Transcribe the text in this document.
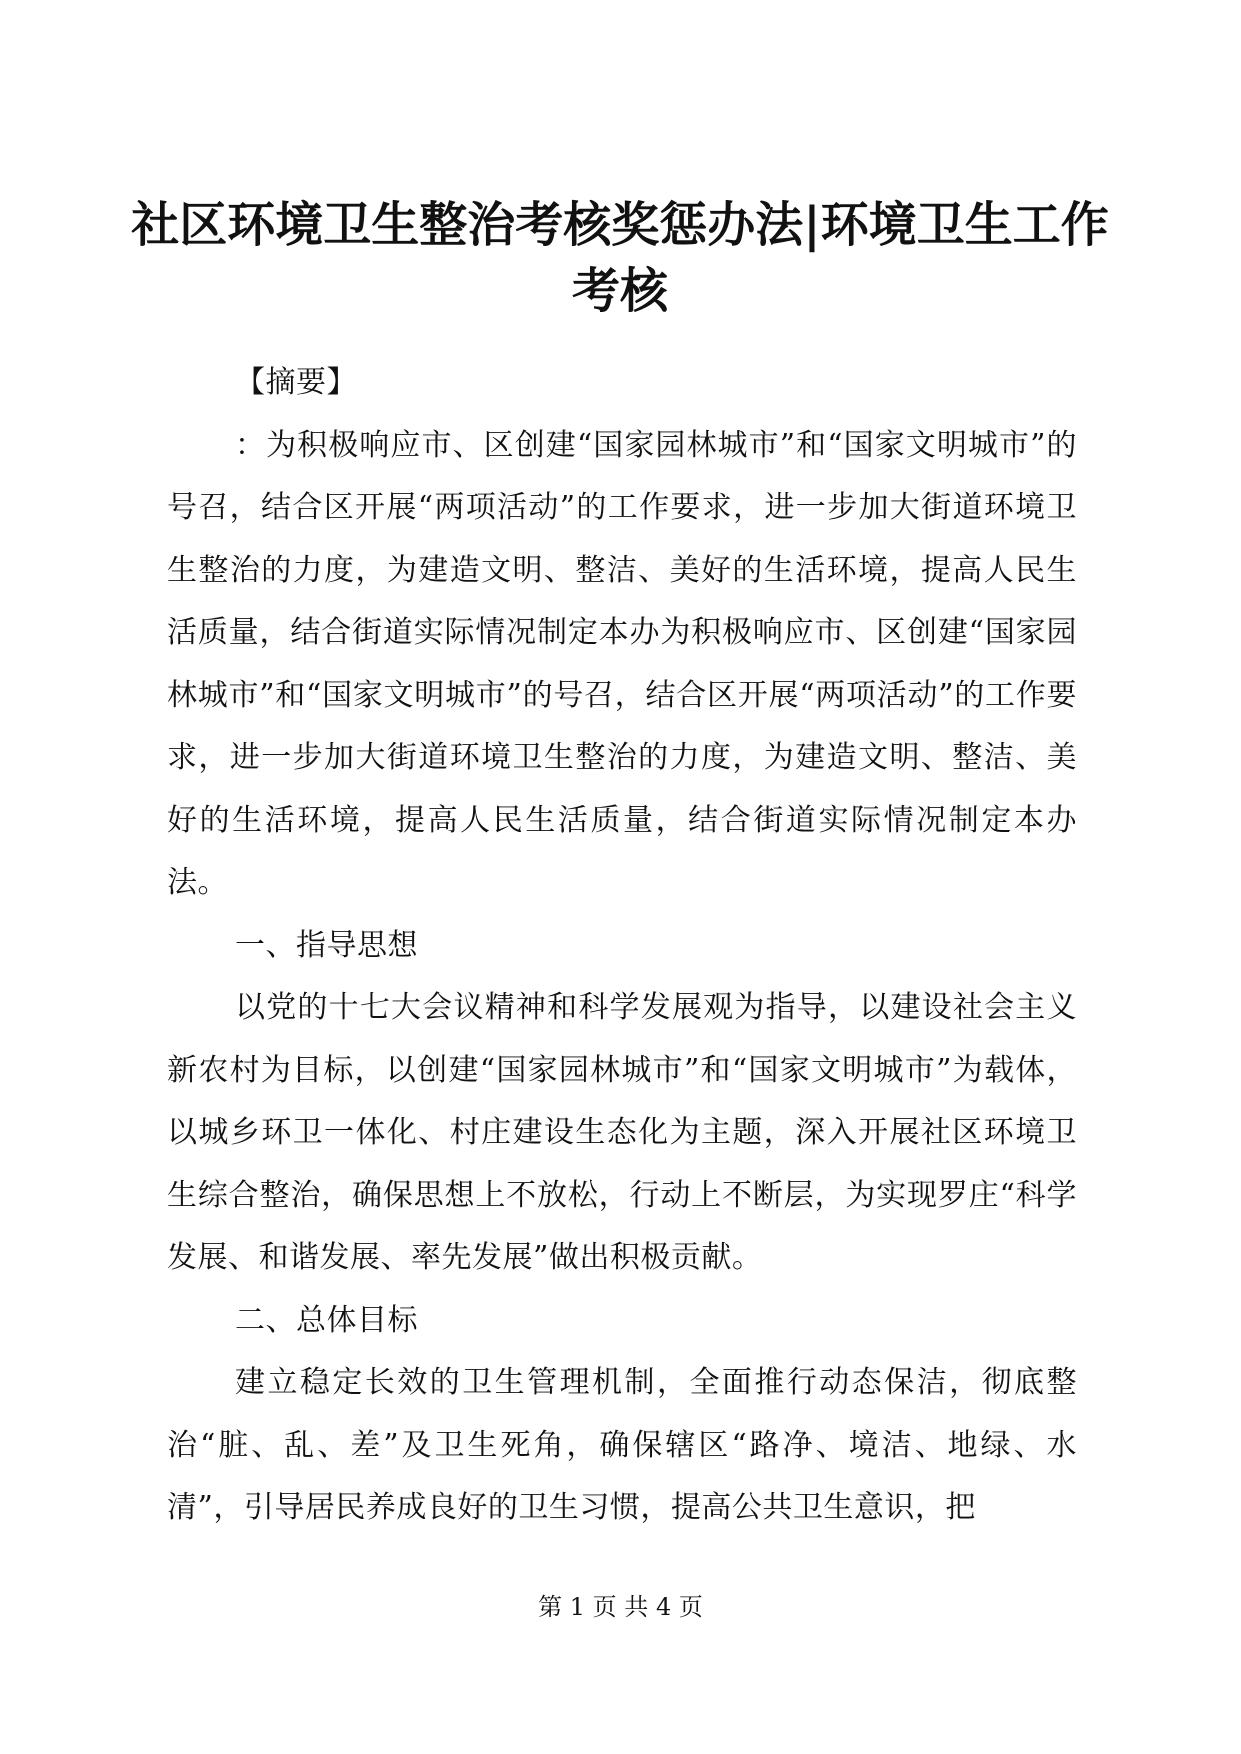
社区环境卫生整治考核奖惩办法|环境卫生工作考核

【摘要】

：为积极响应市、区创建“国家园林城市”和“国家文明城市”的号召，结合区开展“两项活动”的工作要求，进一步加大街道环境卫生整治的力度，为建造文明、整洁、美好的生活环境，提高人民生活质量，结合街道实际情况制定本办为积极响应市、区创建“国家园林城市”和“国家文明城市”的号召，结合区开展“两项活动”的工作要求，进一步加大街道环境卫生整治的力度，为建造文明、整洁、美好的生活环境，提高人民生活质量，结合街道实际情况制定本办法。

一、指导思想

以党的十七大会议精神和科学发展观为指导，以建设社会主义新农村为目标，以创建“国家园林城市”和“国家文明城市”为载体，以城乡环卫一体化、村庄建设生态化为主题，深入开展社区环境卫生综合整治，确保思想上不放松，行动上不断层，为实现罗庄“科学发展、和谐发展、率先发展”做出积极贡献。

二、总体目标

建立稳定长效的卫生管理机制，全面推行动态保洁，彻底整治“脏、乱、差”及卫生死角，确保辖区“路净、境洁、地绿、水清”，引导居民养成良好的卫生习惯，提高公共卫生意识，把

第 1 页 共 4 页
